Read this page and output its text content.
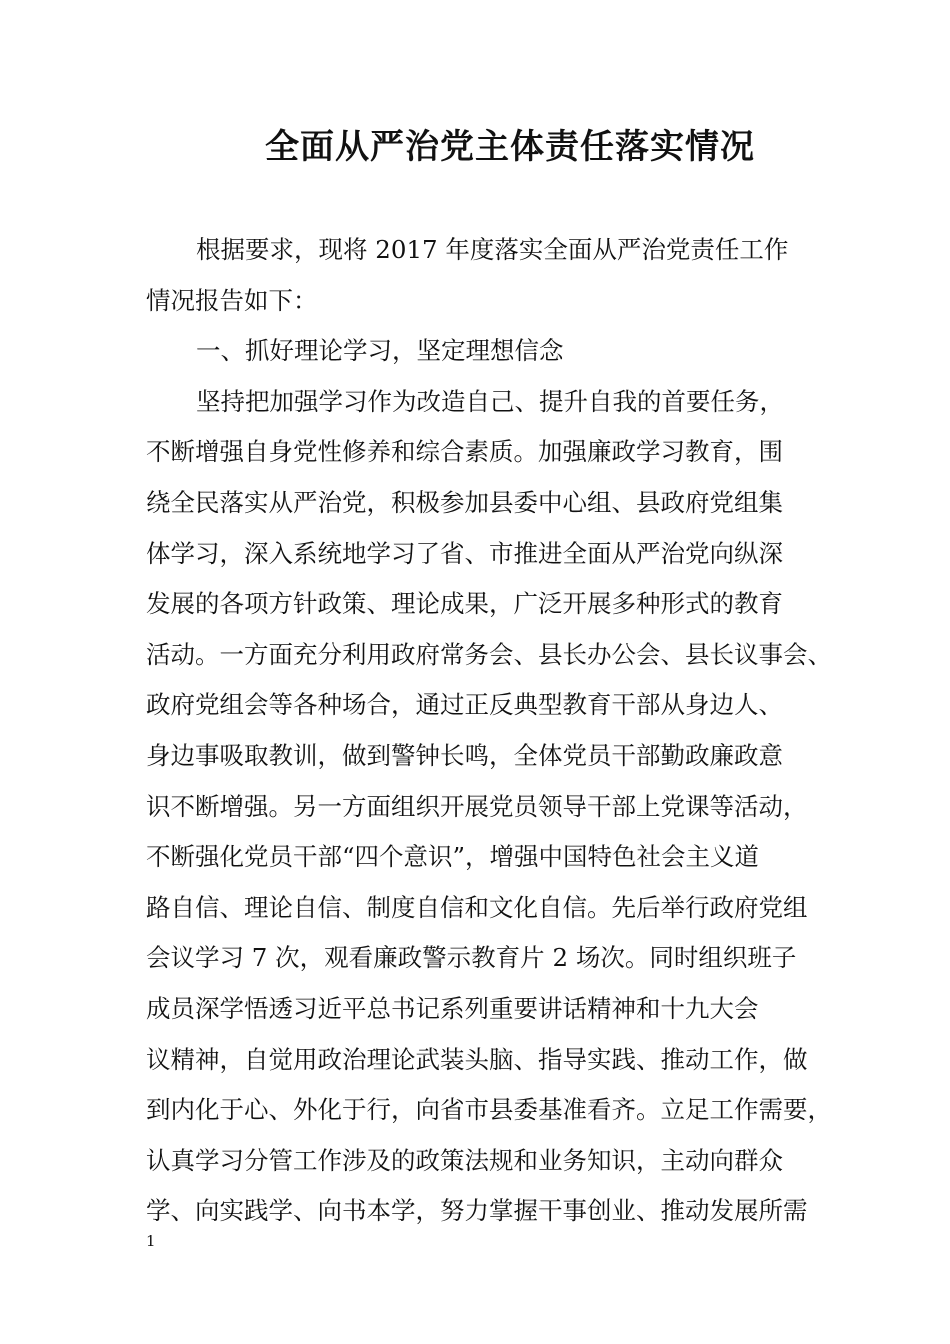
全面从严治党主体责任落实情况
根据要求，现将 2017 年度落实全面从严治党责任工作
情况报告如下：
一、抓好理论学习，坚定理想信念
坚持把加强学习作为改造自己、提升自我的首要任务，
不断增强自身党性修养和综合素质。加强廉政学习教育，围
绕全民落实从严治党，积极参加县委中心组、县政府党组集
体学习，深入系统地学习了省、市推进全面从严治党向纵深
发展的各项方针政策、理论成果，广泛开展多种形式的教育
活动。一方面充分利用政府常务会、县长办公会、县长议事会、
政府党组会等各种场合，通过正反典型教育干部从身边人、
身边事吸取教训，做到警钟长鸣，全体党员干部勤政廉政意
识不断增强。另一方面组织开展党员领导干部上党课等活动，
不断强化党员干部“四个意识”，增强中国特色社会主义道
路自信、理论自信、制度自信和文化自信。先后举行政府党组
会议学习 7 次，观看廉政警示教育片 2 场次。同时组织班子
成员深学悟透习近平总书记系列重要讲话精神和十九大会
议精神，自觉用政治理论武装头脑、指导实践、推动工作，做
到内化于心、外化于行，向省市县委基准看齐。立足工作需要，
认真学习分管工作涉及的政策法规和业务知识，主动向群众
学、向实践学、向书本学，努力掌握干事创业、推动发展所需
1
